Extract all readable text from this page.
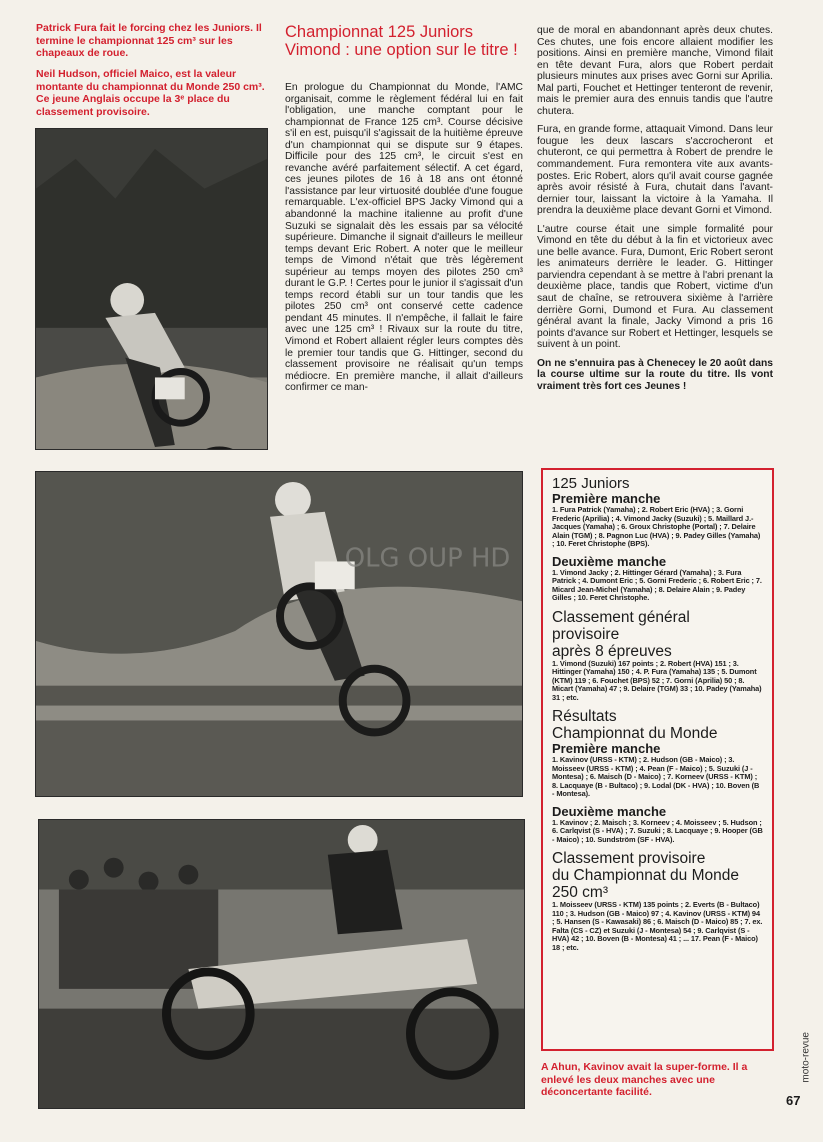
Patrick Fura fait le forcing chez les Juniors. Il termine le championnat 125 cm³ sur les chapeaux de roue.
Neil Hudson, officiel Maico, est la valeur montante du championnat du Monde 250 cm³. Ce jeune Anglais occupe la 3ᵉ place du classement provisoire.
Championnat 125 Juniors Vimond : une option sur le titre !

En prologue du Championnat du Monde, l'AMC organisait, comme le règlement fédéral lui en fait l'obligation, une manche comptant pour le championnat de France 125 cm³. Course décisive s'il en est, puisqu'il s'agissait de la huitième épreuve d'un championnat qui se dispute sur 9 étapes. Difficile pour des 125 cm³, le circuit s'est en revanche avéré parfaitement sélectif. A cet égard, ces jeunes pilotes de 16 à 18 ans ont étonné l'assistance par leur virtuosité doublée d'une fougue remarquable. L'ex-officiel BPS Jacky Vimond qui a abandonné la machine italienne au profit d'une Suzuki se signalait dès les essais par sa vélocité supérieure. Dimanche il signait d'ailleurs le meilleur temps devant Eric Robert. A noter que le meilleur temps de Vimond n'était que très légèrement supérieur au temps moyen des pilotes 250 cm³ durant le G.P. ! Certes pour le junior il s'agissait d'un temps record établi sur un tour tandis que les pilotes 250 cm³ ont conservé cette cadence pendant 45 minutes. Il n'empêche, il fallait le faire avec une 125 cm³ ! Rivaux sur la route du titre, Vimond et Robert allaient régler leurs comptes dès le premier tour tandis que G. Hittinger, second du classement provisoire ne réalisait qu'un temps médiocre. En première manche, il allait d'ailleurs confirmer ce man-

que de moral en abandonnant après deux chutes. Ces chutes, une fois encore allaient modifier les positions. Ainsi en première manche, Vimond filait en tête devant Fura, alors que Robert perdait plusieurs minutes aux prises avec Gorni sur Aprilia. Mal parti, Fouchet et Hettinger tenteront de revenir, mais le premier aura des ennuis tandis que l'autre chutera.

Fura, en grande forme, attaquait Vimond. Dans leur fougue les deux lascars s'accrocheront et chuteront, ce qui permettra à Robert de prendre le commandement. Fura remontera vite aux avants-postes. Eric Robert, alors qu'il avait course gagnée après avoir résisté à Fura, chutait dans l'avant-dernier tour, laissant la victoire à la Yamaha. Il prendra la deuxième place devant Gorni et Vimond.

L'autre course était une simple formalité pour Vimond en tête du début à la fin et victorieux avec une belle avance. Fura, Dumont, Eric Robert seront les animateurs derrière le leader. G. Hittinger parviendra cependant à se mettre à l'abri prenant la deuxième place, tandis que Robert, victime d'un saut de chaîne, se retrouvera sixième à l'arrière derrière Gorni, Dumond et Fura. Au classement général avant la finale, Jacky Vimond a pris 16 points d'avance sur Robert et Hettinger, lesquels se suivent à un point.

On ne s'ennuira pas à Chenecey le 20 août dans la course ultime sur la route du titre. Ils vont vraiment très fort ces Jeunes !

OLG OUP HD
125 Juniors
Première manche
1. Fura Patrick (Yamaha) ; 2. Robert Eric (HVA) ; 3. Gorni Frederic (Aprilia) ; 4. Vimond Jacky (Suzuki) ; 5. Maillard J.-Jacques (Yamaha) ; 6. Groux Christophe (Portal) ; 7. Delaire Alain (TGM) ; 8. Pagnon Luc (HVA) ; 9. Padey Gilles (Yamaha) ; 10. Feret Christophe (BPS).
Deuxième manche
1. Vimond Jacky ; 2. Hittinger Gérard (Yamaha) ; 3. Fura Patrick ; 4. Dumont Eric ; 5. Gorni Frederic ; 6. Robert Eric ; 7. Micard Jean-Michel (Yamaha) ; 8. Delaire Alain ; 9. Padey Gilles ; 10. Feret Christophe.
Classement général
provisoire
après 8 épreuves
1. Vimond (Suzuki) 167 points ; 2. Robert (HVA) 151 ; 3. Hittinger (Yamaha) 150 ; 4. P. Fura (Yamaha) 135 ; 5. Dumont (KTM) 119 ; 6. Fouchet (BPS) 52 ; 7. Gorni (Aprilia) 50 ; 8. Micart (Yamaha) 47 ; 9. Delaire (TGM) 33 ; 10. Padey (Yamaha) 31 ; etc.
Résultats
Championnat du Monde
Première manche
1. Kavinov (URSS - KTM) ; 2. Hudson (GB - Maico) ; 3. Moisseev (URSS - KTM) ; 4. Pean (F - Maico) ; 5. Suzuki (J - Montesa) ; 6. Maisch (D - Maico) ; 7. Korneev (URSS - KTM) ; 8. Lacquaye (B - Bultaco) ; 9. Lodal (DK - HVA) ; 10. Boven (B - Montesa).
Deuxième manche
1. Kavinov ; 2. Maisch ; 3. Korneev ; 4. Moisseev ; 5. Hudson ; 6. Carlqvist (S - HVA) ; 7. Suzuki ; 8. Lacquaye ; 9. Hooper (GB - Maico) ; 10. Sundström (SF - HVA).
Classement provisoire
du Championnat du Monde
250 cm³
1. Moisseev (URSS - KTM) 135 points ; 2. Everts (B - Bultaco) 110 ; 3. Hudson (GB - Maico) 97 ; 4. Kavinov (URSS - KTM) 94 ; 5. Hansen (S - Kawasaki) 86 ; 6. Maisch (D - Maico) 85 ; 7. ex. Falta (CS - CZ) et Suzuki (J - Montesa) 54 ; 9. Carlqvist (S - HVA) 42 ; 10. Boven (B - Montesa) 41 ; ... 17. Pean (F - Maico) 18 ; etc.
A Ahun, Kavinov avait la super-forme. Il a enlevé les deux manches avec une déconcertante facilité.
moto-revue
67
